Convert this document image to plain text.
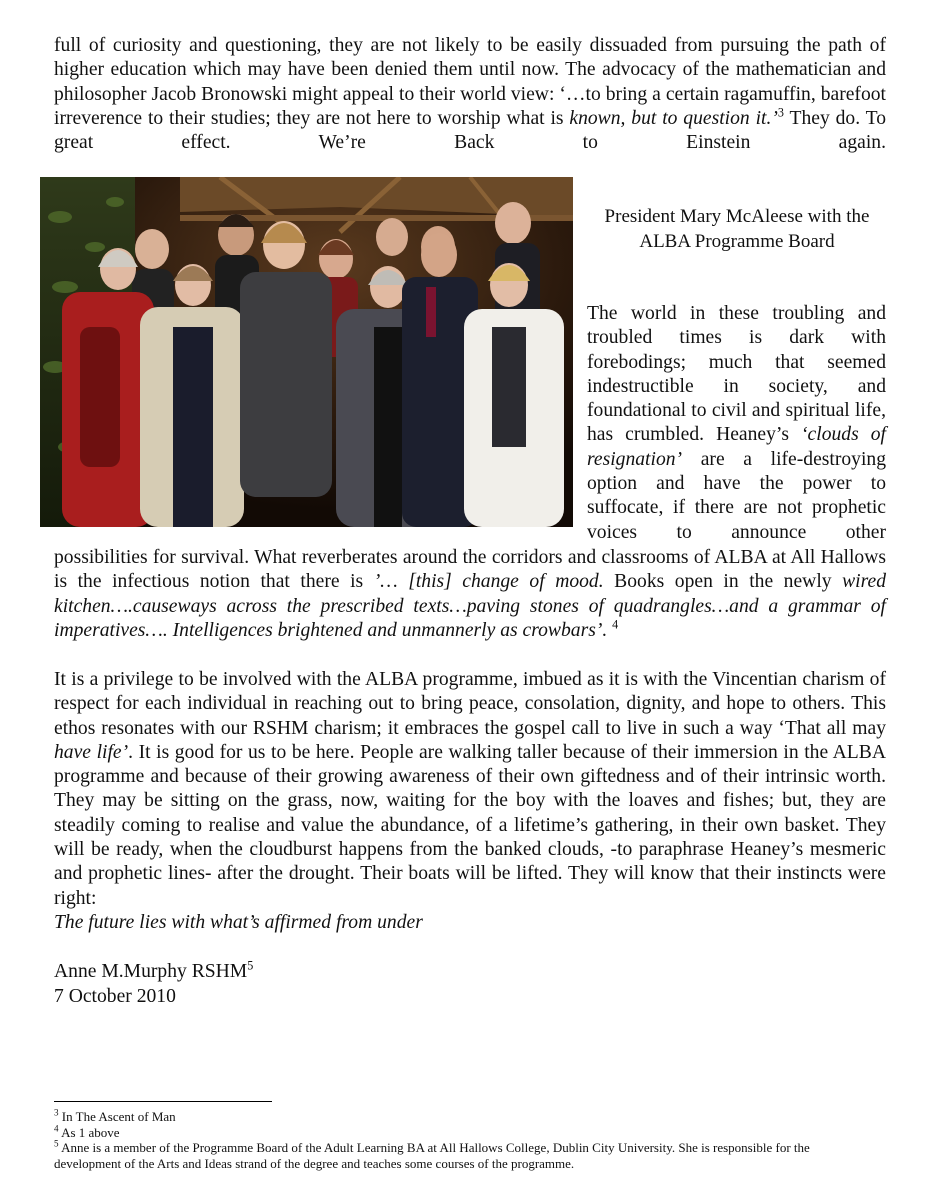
full of curiosity and questioning, they are not likely to be easily dissuaded from pursuing the path of higher education which may have been denied them until now. The advocacy of the mathematician and philosopher Jacob Bronowski might appeal to their world view: ‘…to bring a certain ragamuffin, barefoot irreverence to their studies; they are not here to worship what is known, but to question it.’$^3$ They do. To great effect. We’re Back to Einstein again.

President Mary McAleese with the
ALBA Programme Board

The world in these troubling and troubled times is dark with forebodings; much that seemed indestructible in society, and foundational to civil and spiritual life, has crumbled. Heaney’s ‘clouds of resignation’ are a life-destroying option and have the power to suffocate, if there are not prophetic voices to announce other

possibilities for survival. What reverberates around the corridors and classrooms of ALBA at All Hallows is the infectious notion that there is ’… [this] change of mood. Books open in the newly wired kitchen….causeways across the prescribed texts…paving stones of quadrangles…and a grammar of imperatives…. Intelligences brightened and unmannerly as crowbars’. $^4$

It is a privilege to be involved with the ALBA programme, imbued as it is with the Vincentian charism of respect for each individual in reaching out to bring peace, consolation, dignity, and hope to others. This ethos resonates with our RSHM charism; it embraces the gospel call to live in such a way ‘That all may have life’. It is good for us to be here. People are walking taller because of their immersion in the ALBA programme and because of their growing awareness of their own giftedness and of their intrinsic worth. They may be sitting on the grass, now, waiting for the boy with the loaves and fishes; but, they are steadily coming to realise and value the abundance, of a lifetime’s gathering, in their own basket. They will be ready, when the cloudburst happens from the banked clouds, -to paraphrase Heaney’s mesmeric and prophetic lines- after the drought. Their boats will be lifted. They will know that their instincts were right:

The future lies with what’s affirmed from under

Anne M.Murphy RSHM$^5$
7 October 2010
$^3$ In The Ascent of Man
$^4$ As 1 above
$^5$ Anne is a member of the Programme Board of the Adult Learning BA at All Hallows College, Dublin City University. She is responsible for the development of the Arts and Ideas strand of the degree and teaches some courses of the programme.
